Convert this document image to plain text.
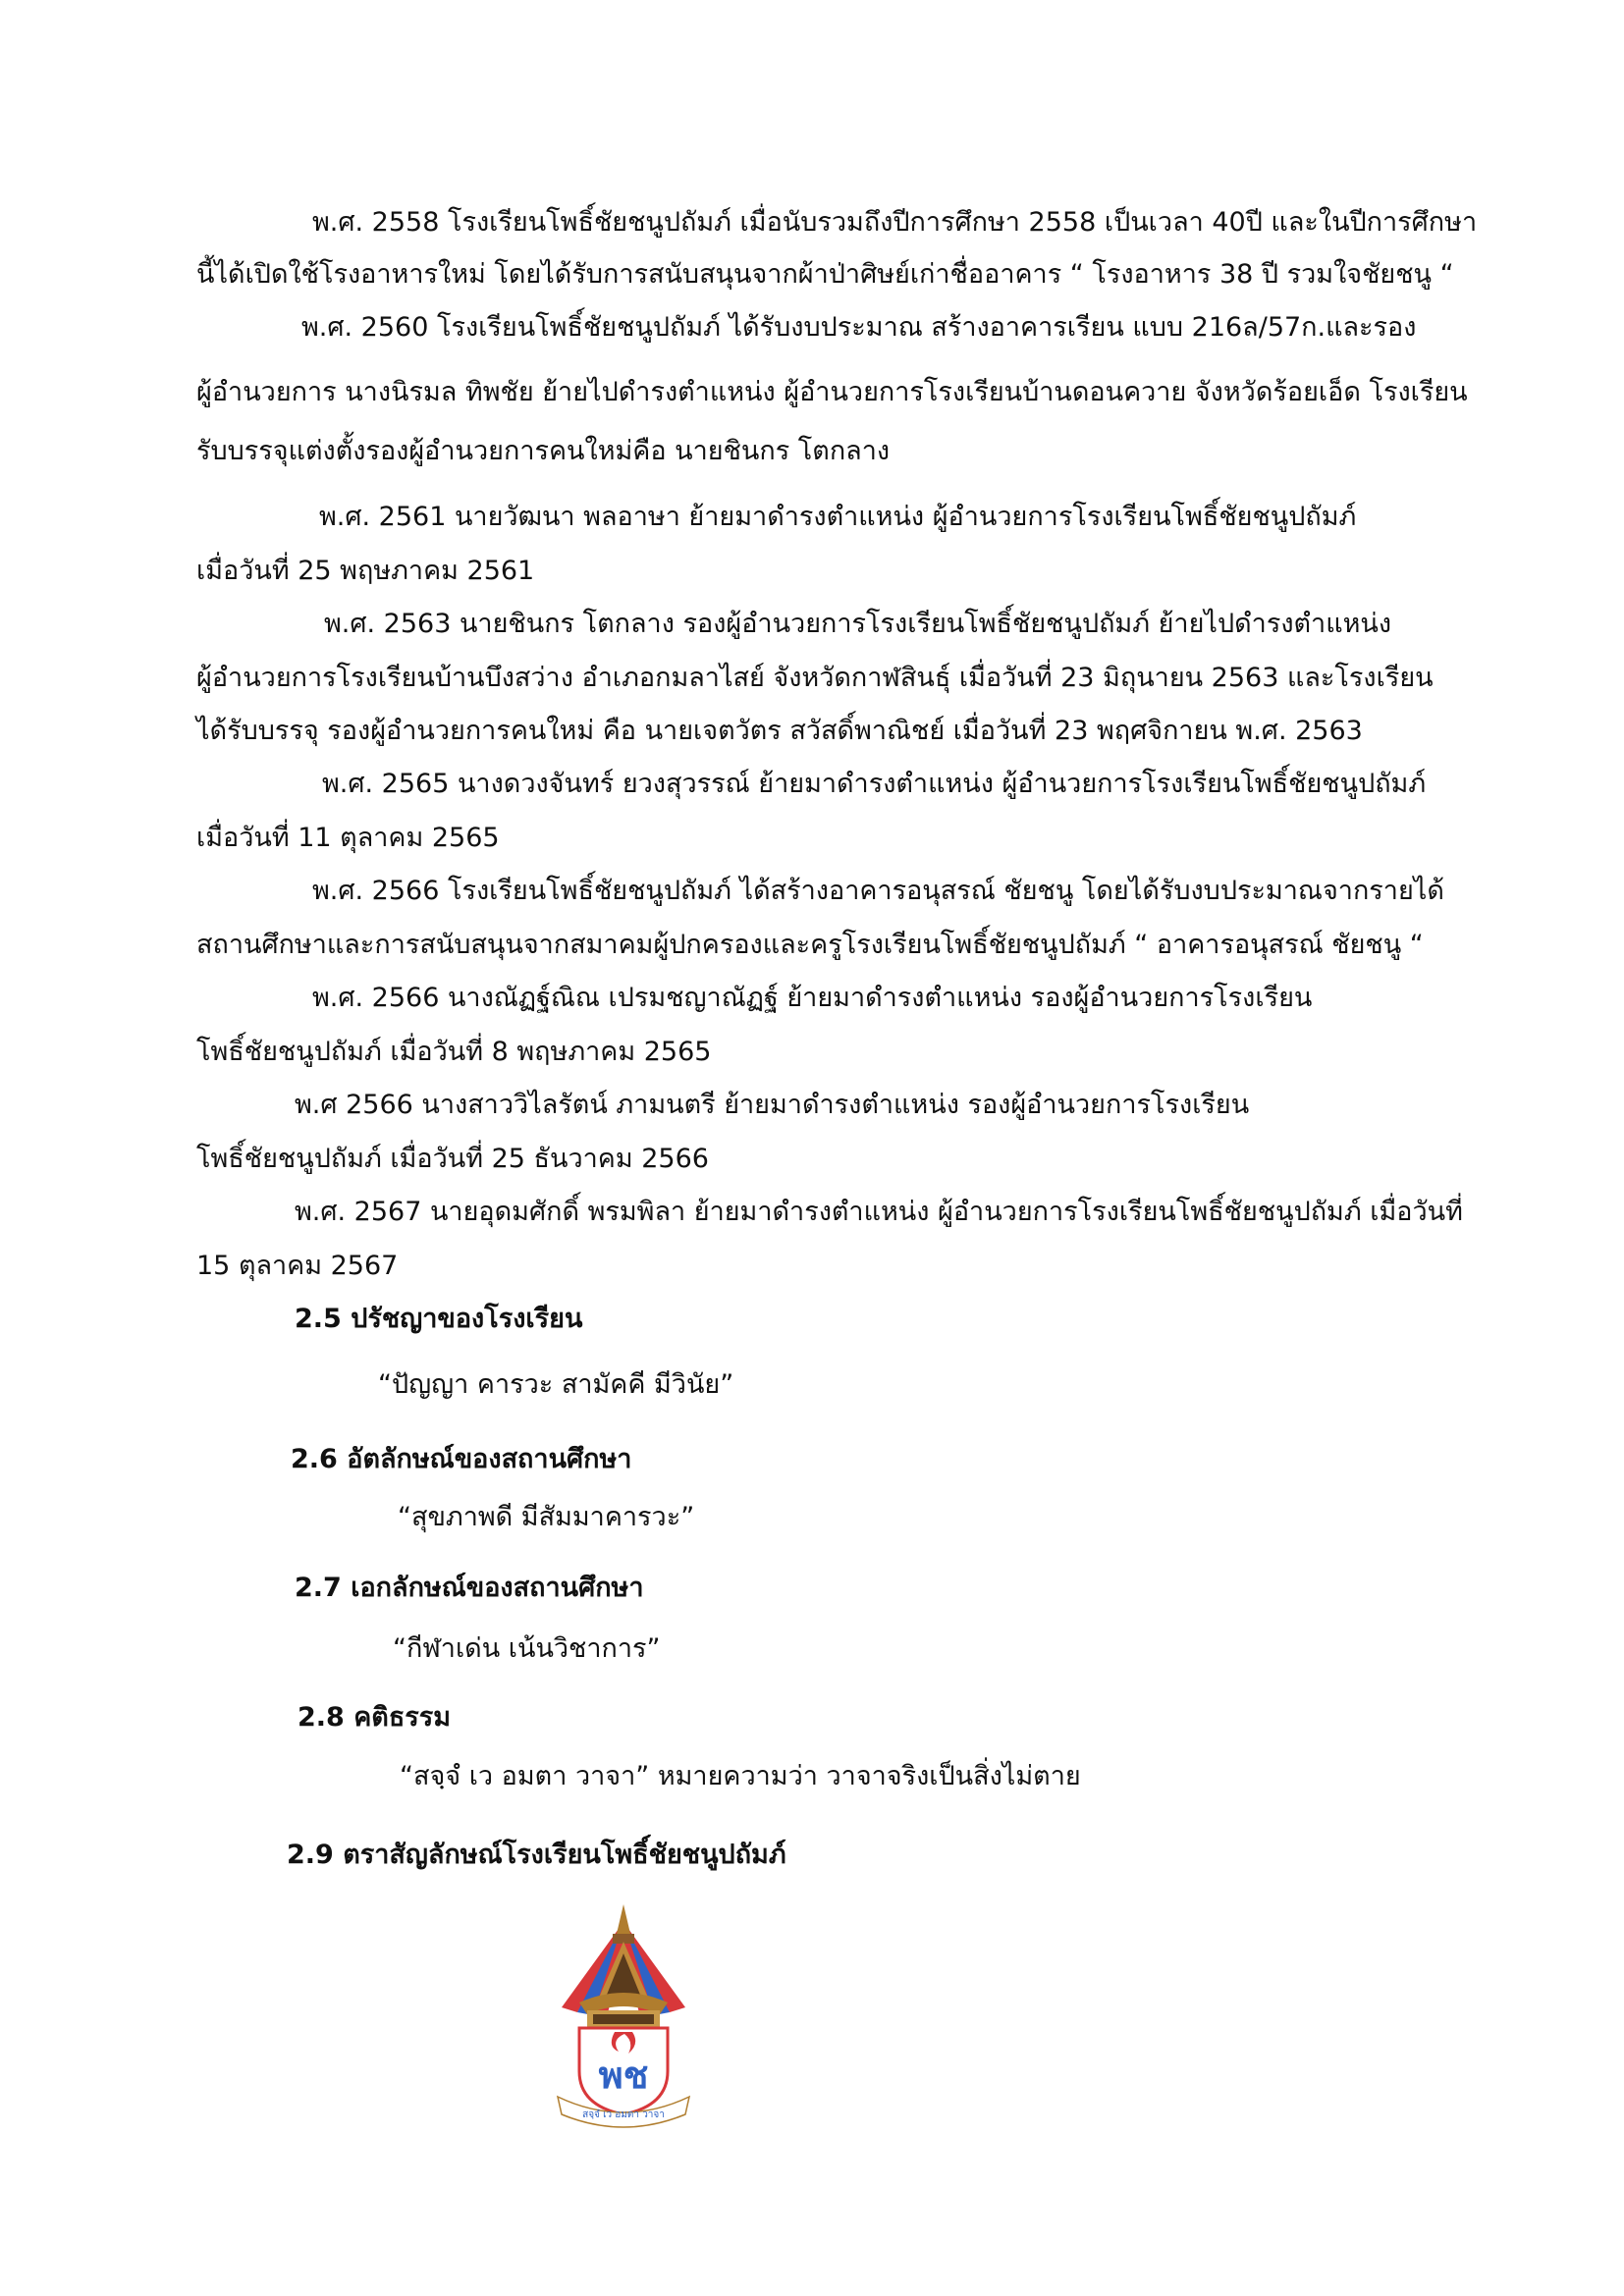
พ.ศ. 2558 โรงเรียนโพธิ์ชัยชนูปถัมภ์ เมื่อนับรวมถึงปีการศึกษา 2558 เป็นเวลา 40ปี และในปีการศึกษา
นี้ได้เปิดใช้โรงอาหารใหม่ โดยได้รับการสนับสนุนจากผ้าป่าศิษย์เก่าชื่ออาคาร “ โรงอาหาร 38 ปี รวมใจชัยชนู “
พ.ศ. 2560 โรงเรียนโพธิ์ชัยชนูปถัมภ์ ได้รับงบประมาณ สร้างอาคารเรียน แบบ 216ล/57ก.และรอง
ผู้อำนวยการ นางนิรมล ทิพชัย ย้ายไปดำรงตำแหน่ง ผู้อำนวยการโรงเรียนบ้านดอนควาย จังหวัดร้อยเอ็ด โรงเรียน
รับบรรจุแต่งตั้งรองผู้อำนวยการคนใหม่คือ นายชินกร โตกลาง
พ.ศ. 2561 นายวัฒนา พลอาษา ย้ายมาดำรงตำแหน่ง ผู้อำนวยการโรงเรียนโพธิ์ชัยชนูปถัมภ์
เมื่อวันที่ 25 พฤษภาคม 2561
พ.ศ. 2563 นายชินกร โตกลาง รองผู้อำนวยการโรงเรียนโพธิ์ชัยชนูปถัมภ์ ย้ายไปดำรงตำแหน่ง
ผู้อำนวยการโรงเรียนบ้านบึงสว่าง อำเภอกมลาไสย์ จังหวัดกาฬสินธุ์ เมื่อวันที่ 23 มิถุนายน 2563 และโรงเรียน
ได้รับบรรจุ รองผู้อำนวยการคนใหม่ คือ นายเจตวัตร สวัสดิ์พาณิชย์ เมื่อวันที่ 23 พฤศจิกายน พ.ศ. 2563
พ.ศ. 2565 นางดวงจันทร์ ยวงสุวรรณ์ ย้ายมาดำรงตำแหน่ง ผู้อำนวยการโรงเรียนโพธิ์ชัยชนูปถัมภ์
เมื่อวันที่ 11 ตุลาคม 2565
พ.ศ. 2566 โรงเรียนโพธิ์ชัยชนูปถัมภ์ ได้สร้างอาคารอนุสรณ์ ชัยชนู โดยได้รับงบประมาณจากรายได้
สถานศึกษาและการสนับสนุนจากสมาคมผู้ปกครองและครูโรงเรียนโพธิ์ชัยชนูปถัมภ์ “ อาคารอนุสรณ์ ชัยชนู “
พ.ศ. 2566 นางณัฏฐ์ณิณ เปรมชญาณัฏฐ์ ย้ายมาดำรงตำแหน่ง รองผู้อำนวยการโรงเรียน
โพธิ์ชัยชนูปถัมภ์ เมื่อวันที่ 8 พฤษภาคม 2565
พ.ศ 2566 นางสาววิไลรัตน์ ภามนตรี ย้ายมาดำรงตำแหน่ง รองผู้อำนวยการโรงเรียน
โพธิ์ชัยชนูปถัมภ์ เมื่อวันที่ 25 ธันวาคม 2566
พ.ศ. 2567 นายอุดมศักดิ์ พรมพิลา ย้ายมาดำรงตำแหน่ง ผู้อำนวยการโรงเรียนโพธิ์ชัยชนูปถัมภ์ เมื่อวันที่
15 ตุลาคม 2567
2.5 ปรัชญาของโรงเรียน
“ปัญญา คารวะ สามัคคี มีวินัย”
2.6 อัตลักษณ์ของสถานศึกษา
“สุขภาพดี มีสัมมาคารวะ”
2.7 เอกลักษณ์ของสถานศึกษา
“กีฬาเด่น เน้นวิชาการ”
2.8 คติธรรม
“สจฺจํ เว อมตา วาจา” หมายความว่า วาจาจริงเป็นสิ่งไม่ตาย
2.9 ตราสัญลักษณ์โรงเรียนโพธิ์ชัยชนูปถัมภ์
พช
สจฺจํ เว อมตา วาจา
